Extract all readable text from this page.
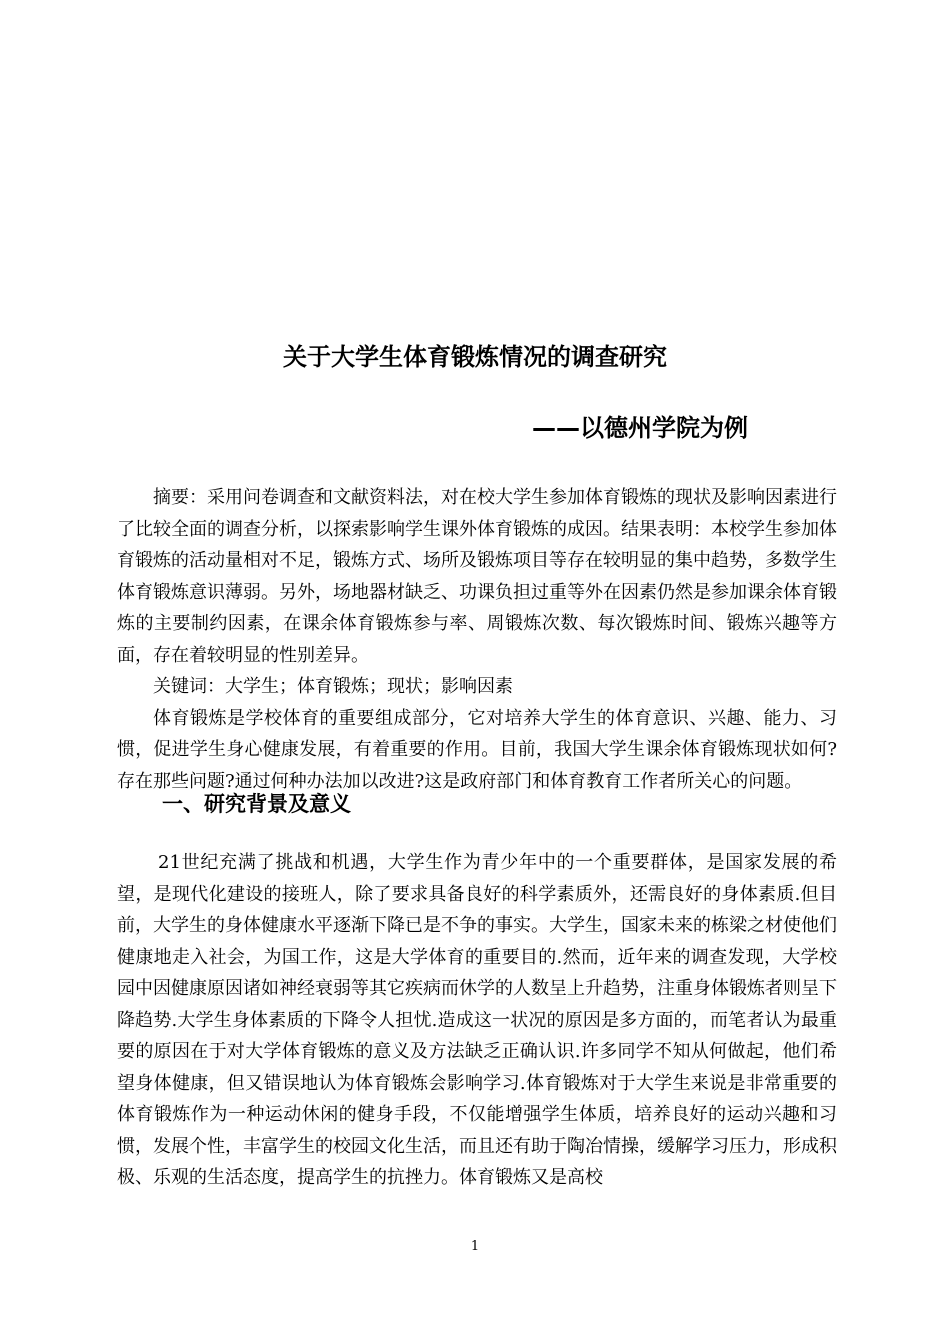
关于大学生体育锻炼情况的调查研究
——以德州学院为例

摘要：采用问卷调查和文献资料法，对在校大学生参加体育锻炼的现状及影响因素进行了比较全面的调查分析，以探索影响学生课外体育锻炼的成因。结果表明：本校学生参加体育锻炼的活动量相对不足，锻炼方式、场所及锻炼项目等存在较明显的集中趋势，多数学生体育锻炼意识薄弱。另外，场地器材缺乏、功课负担过重等外在因素仍然是参加课余体育锻炼的主要制约因素，在课余体育锻炼参与率、周锻炼次数、每次锻炼时间、锻炼兴趣等方面，存在着较明显的性别差异。

关键词：大学生；体育锻炼；现状；影响因素

体育锻炼是学校体育的重要组成部分，它对培养大学生的体育意识、兴趣、能力、习惯，促进学生身心健康发展，有着重要的作用。目前，我国大学生课余体育锻炼现状如何?存在那些问题?通过何种办法加以改进?这是政府部门和体育教育工作者所关心的问题。

一、研究背景及意义

21世纪充满了挑战和机遇，大学生作为青少年中的一个重要群体，是国家发展的希望，是现代化建设的接班人，除了要求具备良好的科学素质外，还需良好的身体素质.但目前，大学生的身体健康水平逐渐下降已是不争的事实。大学生，国家未来的栋梁之材使他们健康地走入社会，为国工作，这是大学体育的重要目的.然而，近年来的调查发现，大学校园中因健康原因诸如神经衰弱等其它疾病而休学的人数呈上升趋势，注重身体锻炼者则呈下降趋势.大学生身体素质的下降令人担忧.造成这一状况的原因是多方面的，而笔者认为最重要的原因在于对大学体育锻炼的意义及方法缺乏正确认识.许多同学不知从何做起，他们希望身体健康，但又错误地认为体育锻炼会影响学习.体育锻炼对于大学生来说是非常重要的体育锻炼作为一种运动休闲的健身手段，不仅能增强学生体质，培养良好的运动兴趣和习惯，发展个性，丰富学生的校园文化生活，而且还有助于陶冶情操，缓解学习压力，形成积极、乐观的生活态度，提高学生的抗挫力。体育锻炼又是高校

1
